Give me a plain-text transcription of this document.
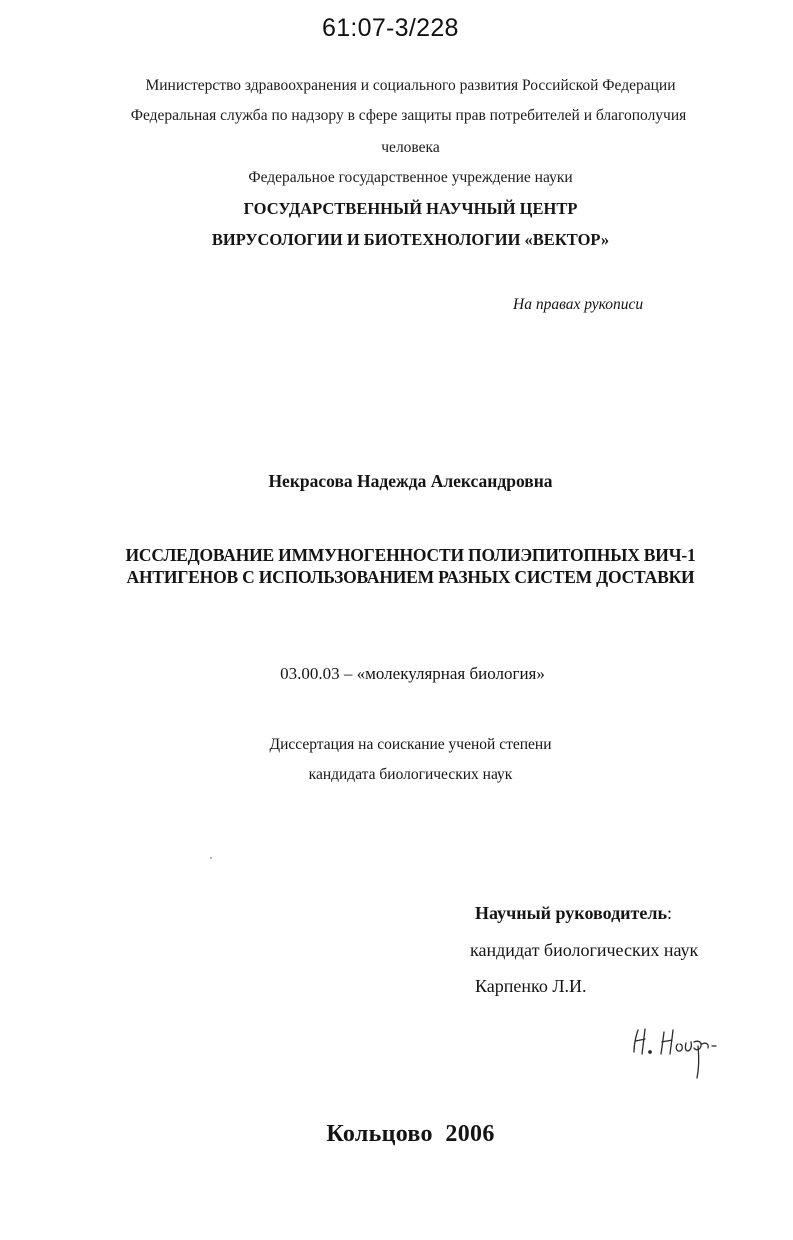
61:07-3/228
Министерство здравоохранения и социального развития Российской Федерации
Федеральная служба по надзору в сфере защиты прав потребителей и благополучия
человека
Федеральное государственное учреждение науки
ГОСУДАРСТВЕННЫЙ НАУЧНЫЙ ЦЕНТР
ВИРУСОЛОГИИ И БИОТЕХНОЛОГИИ «ВЕКТОР»
На правах рукописи
Некрасова Надежда Александровна
ИССЛЕДОВАНИЕ ИММУНОГЕННОСТИ ПОЛИЭПИТОПНЫХ ВИЧ-1
АНТИГЕНОВ С ИСПОЛЬЗОВАНИЕМ РАЗНЫХ СИСТЕМ ДОСТАВКИ
03.00.03 – «молекулярная биология»
Диссертация на соискание ученой степени
кандидата биологических наук
Научный руководитель:
кандидат биологических наук
Карпенко Л.И.
Кольцово  2006
